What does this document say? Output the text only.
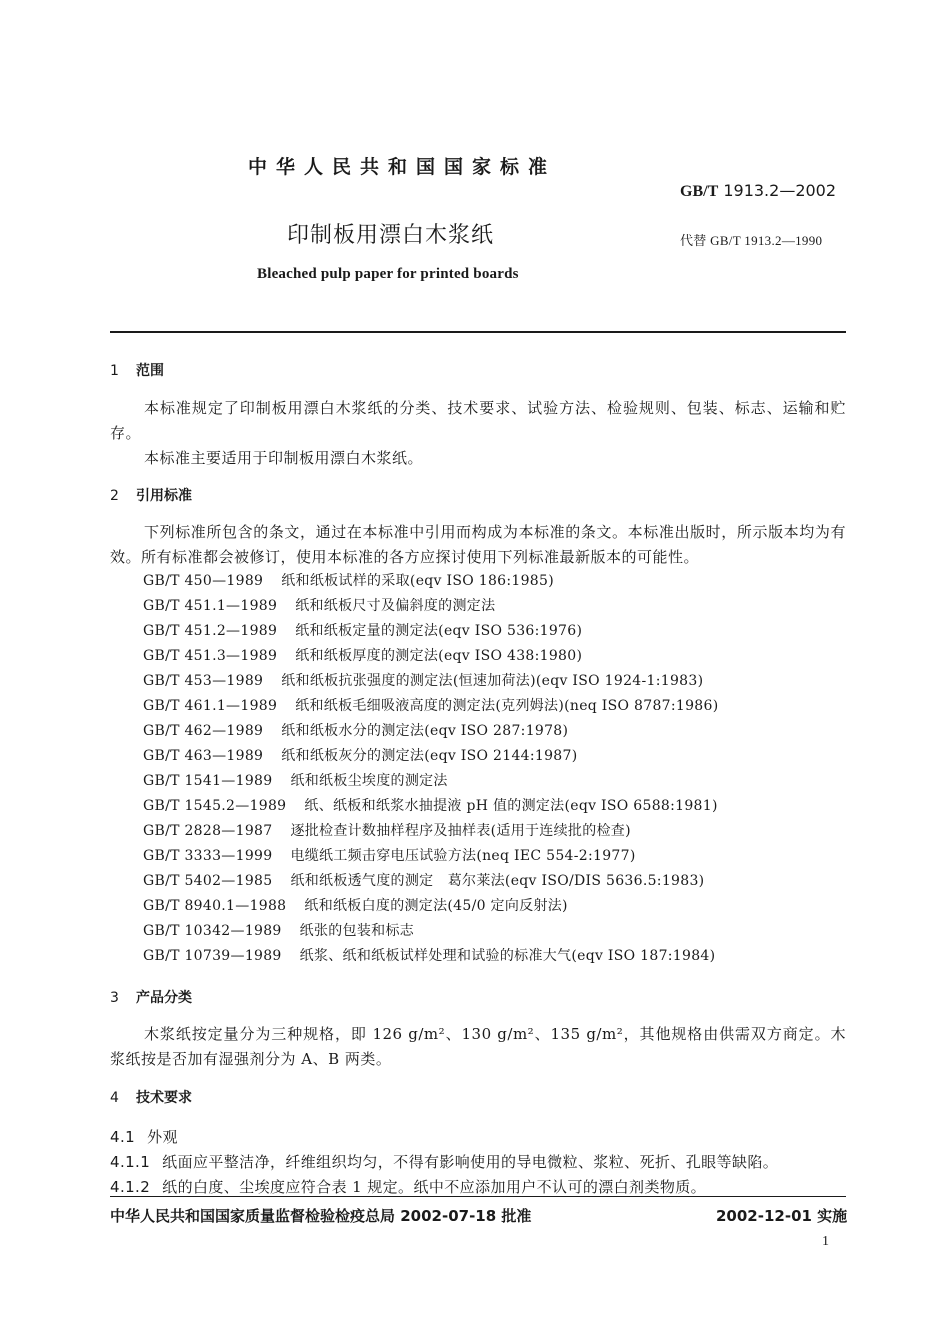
中华人民共和国国家标准
GB/T 1913.2—2002
印制板用漂白木浆纸	代替 GB/T 1913.2—1990
Bleached pulp paper for printed boards
1 范围
本标准规定了印制板用漂白木浆纸的分类、技术要求、试验方法、检验规则、包装、标志、运输和贮存。
本标准主要适用于印制板用漂白木浆纸。
2 引用标准
下列标准所包含的条文，通过在本标准中引用而构成为本标准的条文。本标准出版时，所示版本均为有效。所有标准都会被修订，使用本标准的各方应探讨使用下列标准最新版本的可能性。
GB/T 450—1989 纸和纸板试样的采取(eqv ISO 186:1985)
GB/T 451.1—1989 纸和纸板尺寸及偏斜度的测定法
GB/T 451.2—1989 纸和纸板定量的测定法(eqv ISO 536:1976)
GB/T 451.3—1989 纸和纸板厚度的测定法(eqv ISO 438:1980)
GB/T 453—1989 纸和纸板抗张强度的测定法(恒速加荷法)(eqv ISO 1924-1:1983)
GB/T 461.1—1989 纸和纸板毛细吸液高度的测定法(克列姆法)(neq ISO 8787:1986)
GB/T 462—1989 纸和纸板水分的测定法(eqv ISO 287:1978)
GB/T 463—1989 纸和纸板灰分的测定法(eqv ISO 2144:1987)
GB/T 1541—1989 纸和纸板尘埃度的测定法
GB/T 1545.2—1989 纸、纸板和纸浆水抽提液 pH 值的测定法(eqv ISO 6588:1981)
GB/T 2828—1987 逐批检查计数抽样程序及抽样表(适用于连续批的检查)
GB/T 3333—1999 电缆纸工频击穿电压试验方法(neq IEC 554-2:1977)
GB/T 5402—1985 纸和纸板透气度的测定　葛尔莱法(eqv ISO/DIS 5636.5:1983)
GB/T 8940.1—1988 纸和纸板白度的测定法(45/0 定向反射法)
GB/T 10342—1989 纸张的包装和标志
GB/T 10739—1989 纸浆、纸和纸板试样处理和试验的标准大气(eqv ISO 187:1984)
3 产品分类
木浆纸按定量分为三种规格，即 126 g/m²、130 g/m²、135 g/m²，其他规格由供需双方商定。木浆纸按是否加有湿强剂分为 A、B 两类。
4 技术要求
4.1 外观
4.1.1 纸面应平整洁净，纤维组织均匀，不得有影响使用的导电微粒、浆粒、死折、孔眼等缺陷。
4.1.2 纸的白度、尘埃度应符合表 1 规定。纸中不应添加用户不认可的漂白剂类物质。
中华人民共和国国家质量监督检验检疫总局 2002-07-18 批准	2002-12-01 实施
1
